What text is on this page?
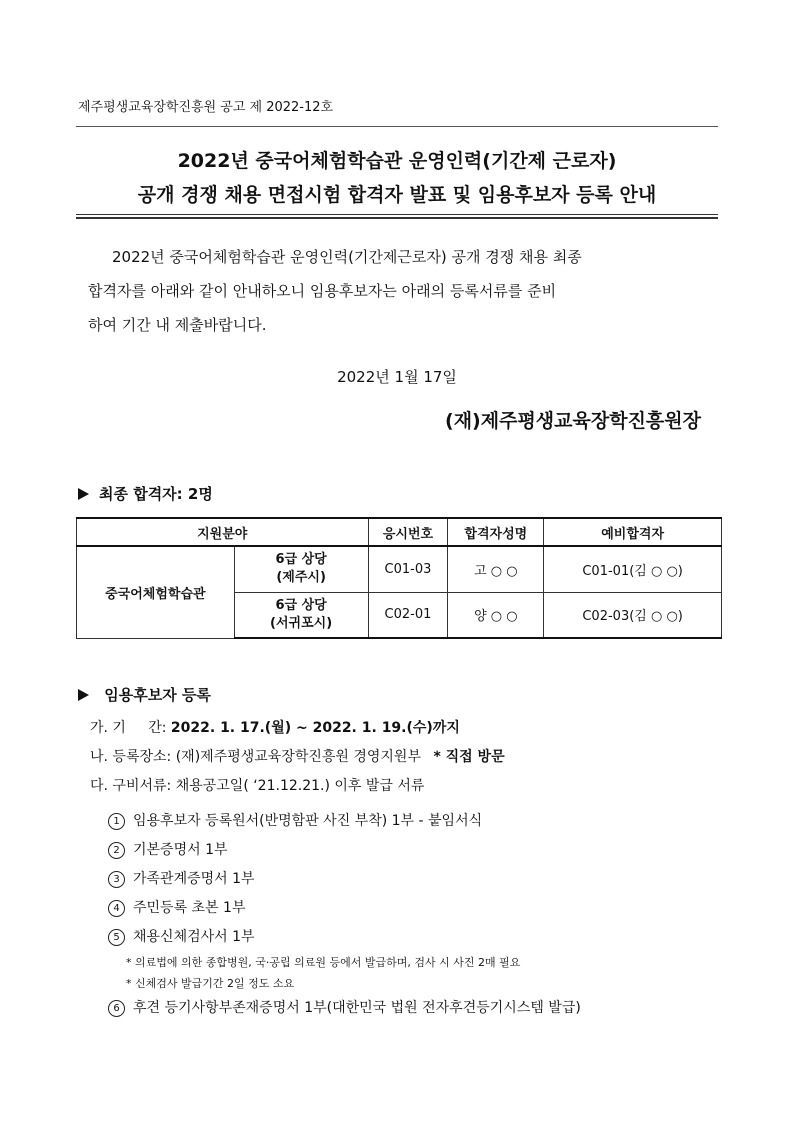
제주평생교육장학진흥원 공고 제 2022-12호
2022년 중국어체험학습관 운영인력(기간제 근로자)
공개 경쟁 채용 면접시험 합격자 발표 및 임용후보자 등록 안내
2022년 중국어체험학습관 운영인력(기간제근로자) 공개 경쟁 채용 최종
합격자를 아래와 같이 안내하오니 임용후보자는 아래의 등록서류를 준비
하여 기간 내 제출바랍니다.
2022년 1월 17일
(재)제주평생교육장학진흥원장
최종 합격자: 2명
지원분야		응시번호	합격자성명	예비합격자
중국어체험학습관	6급 상당
(제주시)	C01-03	고 ○ ○	C01-01(김 ○ ○)

	6급 상당
(서귀포시)	C02-01	양 ○ ○	C02-03(김 ○ ○)
임용후보자 등록
가. 기     간: 2022. 1. 17.(월) ~ 2022. 1. 19.(수)까지
나. 등록장소: (재)제주평생교육장학진흥원 경영지원부 * 직접 방문
다. 구비서류: 채용공고일( ‘21.12.21.) 이후 발급 서류
1 임용후보자 등록원서(반명함판 사진 부착) 1부 - 붙임서식
2 기본증명서 1부
3 가족관계증명서 1부
4 주민등록 초본 1부
5 채용신체검사서 1부
* 의료법에 의한 종합병원, 국·공립 의료원 등에서 발급하며, 검사 시 사진 2매 필요
* 신체검사 발급기간 2일 정도 소요
6 후견 등기사항부존재증명서 1부(대한민국 법원 전자후견등기시스템 발급)
